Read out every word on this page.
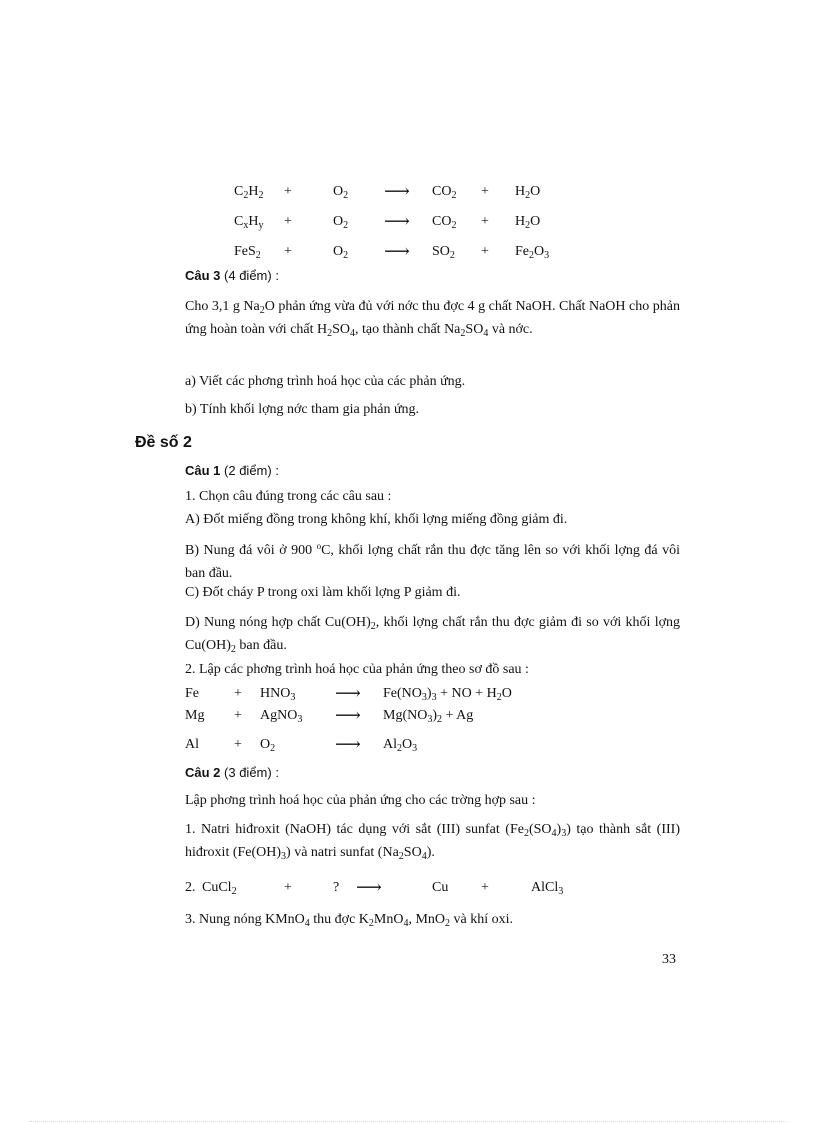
$C_2H_2$ +	$O_2$ ⟶ $CO_2 + H_2O$
$C_xH_y$ +	$O_2$ ⟶ $CO_2 + H_2O$
FeS$_2$ +	$O_2$ ⟶ $SO_2 + Fe_2O_3$
Câu 3 (4 điểm) :
Cho 3,1 g $Na_2O$ phản ứng vừa đủ với nớc thu đợc 4 g chất NaOH. Chất NaOH cho phản ứng hoàn toàn với chất $H_2SO_4$, tạo thành chất $Na_2SO_4$ và nớc.
a) Viết các phơng trình hoá học của các phản ứng.
b) Tính khối lợng nớc tham gia phản ứng.
Đề số 2
Câu 1 (2 điểm) :
1. Chọn câu đúng trong các câu sau :
A) Đốt miếng đồng trong không khí, khối lợng miếng đồng giảm đi.
B) Nung đá vôi ở 900 $^o$C, khối lợng chất rắn thu đợc tăng lên so với khối lợng đá vôi ban đầu.
C) Đốt cháy P trong oxi làm khối lợng P giảm đi.
D) Nung nóng hợp chất $Cu(OH)_2$, khối lợng chất rắn thu đợc giảm đi so với khối lợng $Cu(OH)_2$ ban đầu.
2. Lập các phơng trình hoá học của phản ứng theo sơ đồ sau :
Fe	+ $HNO_3$ ⟶ $Fe(NO_3)_3$ + NO + $H_2O$
Mg + AgNO$_3$ ⟶ $Mg(NO_3)_2 + Ag$
Al	+ $O_2$	⟶ $Al_2O_3$
Câu 2 (3 điểm) :
Lập phơng trình hoá học của phản ứng cho các trờng hợp sau :
1. Natri hiđroxit (NaOH) tác dụng với sắt (III) sunfat $(Fe_2(SO_4)_3)$ tạo thành sắt (III) hiđroxit $(Fe(OH)_3)$ và natri sunfat $(Na_2SO_4)$.
2. CuCl$_2$	+	? ⟶	Cu +	AlCl$_3$
3. Nung nóng KMnO$_4$ thu đợc $K_2MnO_4$, MnO$_2$ và khí oxi.
33
